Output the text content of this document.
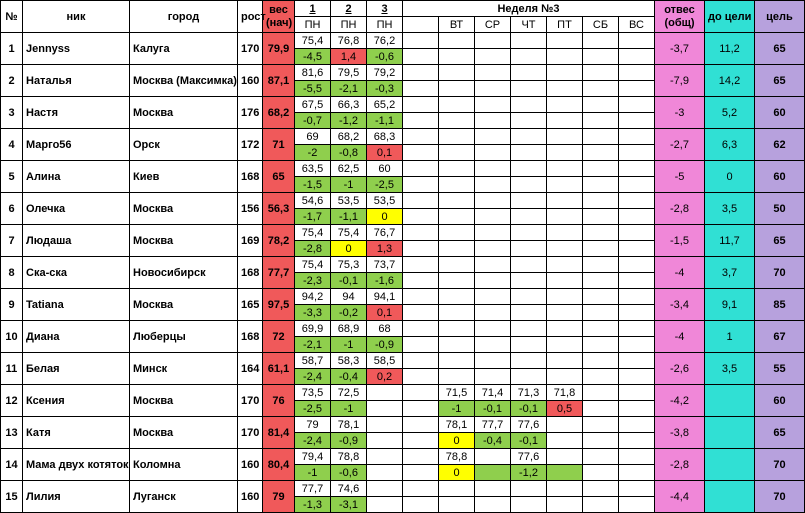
№	ник	город	рост	вес
(нач)	1	2	3	Неделя №3							отвес
(общ)	до цели	цель
					ПН	ПН	ПН		ВТ	СР	ЧТ	ПТ	СБ	ВС			
1	Jennyss	Калуга	170	79,9	75,4	76,8	76,2								-3,7	11,2	65
					-4,5	1,4	-0,6										
2	Наталья	Москва (Максимка)	160	87,1	81,6	79,5	79,2								-7,9	14,2	65
					-5,5	-2,1	-0,3										
3	Настя	Москва	176	68,2	67,5	66,3	65,2								-3	5,2	60
					-0,7	-1,2	-1,1										
4	Марго56	Орск	172	71	69	68,2	68,3								-2,7	6,3	62
					-2	-0,8	0,1										
5	Алина	Киев	168	65	63,5	62,5	60								-5	0	60
					-1,5	-1	-2,5										
6	Олечка	Москва	156	56,3	54,6	53,5	53,5								-2,8	3,5	50
					-1,7	-1,1	0										
7	Людаша	Москва	169	78,2	75,4	75,4	76,7								-1,5	11,7	65
					-2,8	0	1,3										
8	Ска-ска	Новосибирск	168	77,7	75,4	75,3	73,7								-4	3,7	70
					-2,3	-0,1	-1,6										
9	Tatiana	Москва	165	97,5	94,2	94	94,1								-3,4	9,1	85
					-3,3	-0,2	0,1										
10	Диана	Люберцы	168	72	69,9	68,9	68								-4	1	67
					-2,1	-1	-0,9										
11	Белая	Минск	164	61,1	58,7	58,3	58,5								-2,6	3,5	55
					-2,4	-0,4	0,2										
12	Ксения	Москва	170	76	73,5	72,5			71,5	71,4	71,3	71,8			-4,2		60
					-2,5	-1			-1	-0,1	-0,1	0,5					
13	Катя	Москва	170	81,4	79	78,1			78,1	77,7	77,6				-3,8		65
					-2,4	-0,9			0	-0,4	-0,1						
14	Мама двух котяток	Коломна	160	80,4	79,4	78,8			78,8		77,6				-2,8		70
					-1	-0,6			0		-1,2						
15	Лилия	Луганск	160	79	77,7	74,6									-4,4		70
					-1,3	-3,1											
